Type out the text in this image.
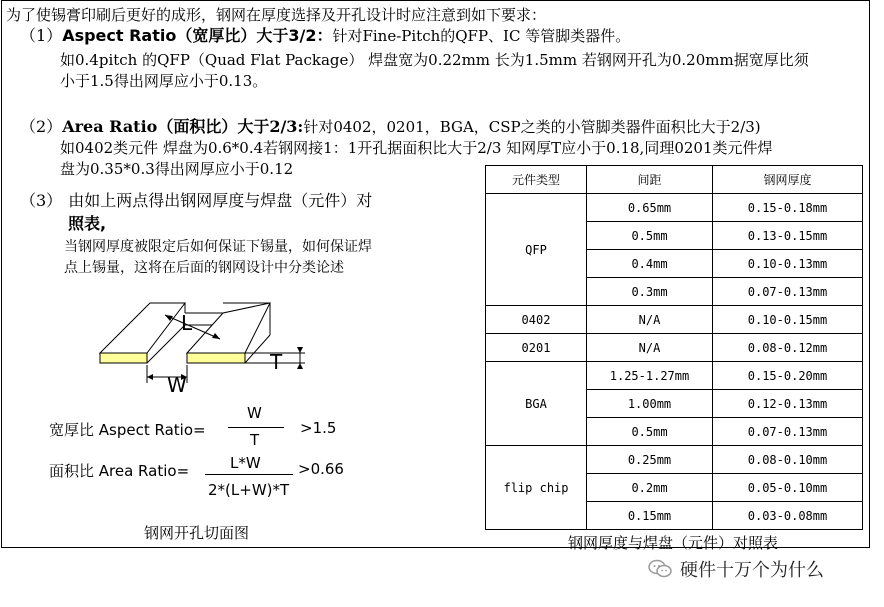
为了使锡膏印刷后更好的成形，钢网在厚度选择及开孔设计时应注意到如下要求：
（1）Aspect Ratio（宽厚比）大于3/2：针对Fine-Pitch的QFP、IC 等管脚类器件。
如0.4pitch 的QFP（Quad Flat Package） 焊盘宽为0.22mm 长为1.5mm 若钢网开孔为0.20mm据宽厚比须
小于1.5得出网厚应小于0.13。
（2）Area Ratio（面积比）大于2/3:针对0402，0201，BGA，CSP之类的小管脚类器件面积比大于2/3)
如0402类元件 焊盘为0.6*0.4若钢网接1：1开孔据面积比大于2/3 知网厚T应小于0.18,同理0201类元件焊
盘为0.35*0.3得出网厚应小于0.12
（3） 由如上两点得出钢网厚度与焊盘（元件）对
照表,
当钢网厚度被限定后如何保证下锡量，如何保证焊
点上锡量，这将在后面的钢网设计中分类论述
L
T
W
宽厚比 Aspect Ratio=
W
T
>1.5
面积比 Area Ratio=	L*W
2*(L+W)*T
>0.66
钢网开孔切面图
元件类型	间距	钢网厚度
QFP	0.65mm	0.15-0.18mm
	0.5mm	0.13-0.15mm
	0.4mm	0.10-0.13mm
	0.3mm	0.07-0.13mm
0402	N/A	0.10-0.15mm
0201	N/A	0.08-0.12mm
BGA	1.25-1.27mm	0.15-0.20mm
	1.00mm	0.12-0.13mm
	0.5mm	0.07-0.13mm
flip chip	0.25mm	0.08-0.10mm
	0.2mm	0.05-0.10mm
	0.15mm	0.03-0.08mm
钢网厚度与焊盘（元件）对照表
硬件十万个为什么
